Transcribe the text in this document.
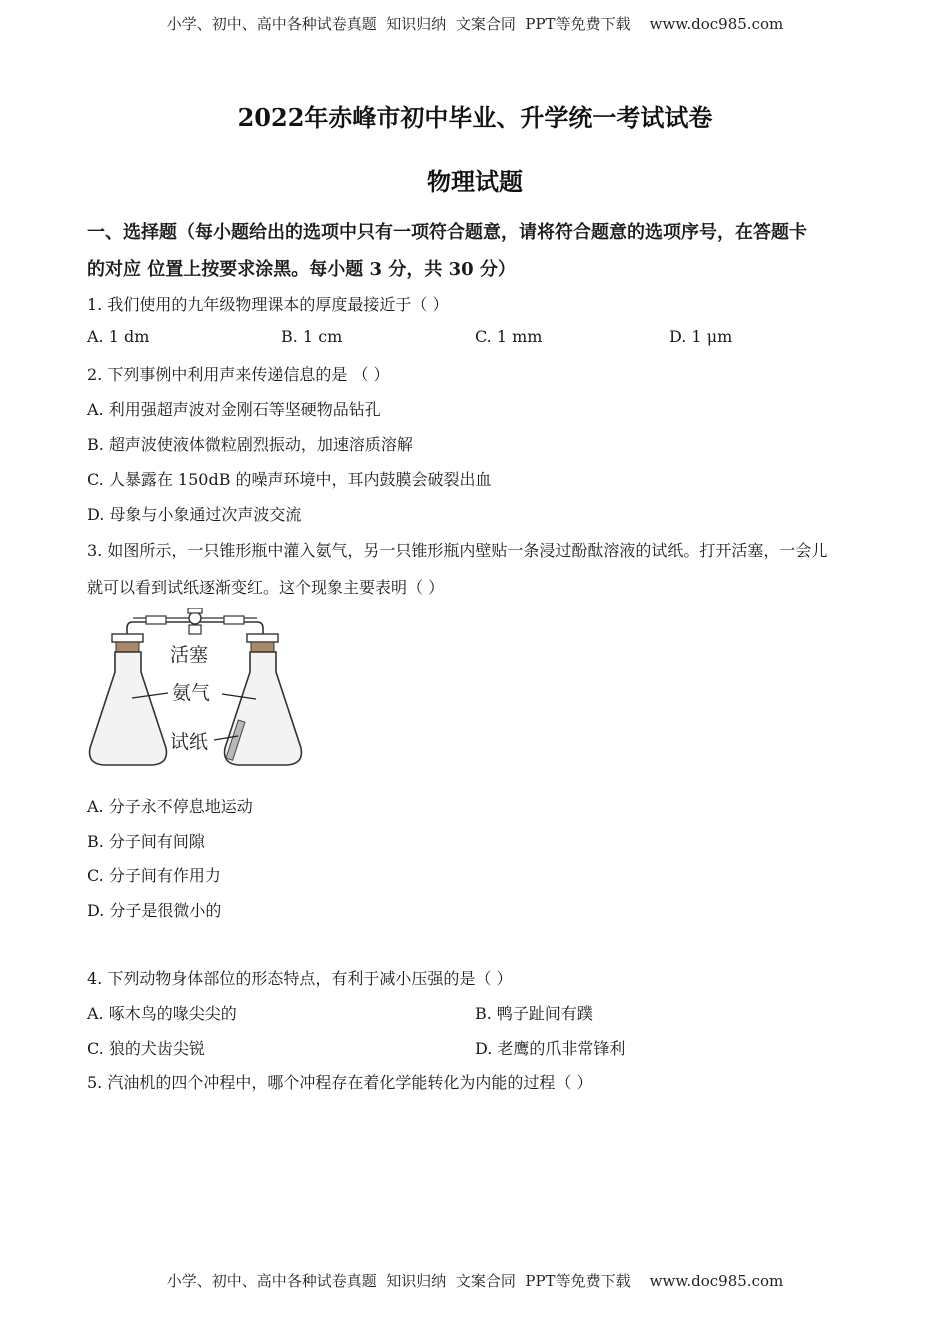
小学、初中、高中各种试卷真题  知识归纳  文案合同  PPT等免费下载    www.doc985.com
2022年赤峰市初中毕业、升学统一考试试卷
物理试题
一、选择题（每小题给出的选项中只有一项符合题意，请将符合题意的选项序号，在答题卡
的对应 位置上按要求涂黑。每小题 3 分，共 30 分）
1. 我们使用的九年级物理课本的厚度最接近于（ ）
A. 1 dm	B. 1 cm	C. 1 mm	D. 1 μm
2. 下列事例中利用声来传递信息的是 （ ）
A. 利用强超声波对金刚石等坚硬物品钻孔
B. 超声波使液体微粒剧烈振动，加速溶质溶解
C. 人暴露在 150dB 的噪声环境中，耳内鼓膜会破裂出血
D. 母象与小象通过次声波交流
3. 如图所示，一只锥形瓶中灌入氨气，另一只锥形瓶内壁贴一条浸过酚酞溶液的试纸。打开活塞，一会儿
就可以看到试纸逐渐变红。这个现象主要表明（ ）
活塞
氨气
试纸
A. 分子永不停息地运动
B. 分子间有间隙
C. 分子间有作用力
D. 分子是很微小的
4. 下列动物身体部位的形态特点，有利于减小压强的是（ ）
A. 啄木鸟的喙尖尖的	B. 鸭子趾间有蹼
C. 狼的犬齿尖锐	D. 老鹰的爪非常锋利
5. 汽油机的四个冲程中，哪个冲程存在着化学能转化为内能的过程（ ）
小学、初中、高中各种试卷真题  知识归纳  文案合同  PPT等免费下载    www.doc985.com
